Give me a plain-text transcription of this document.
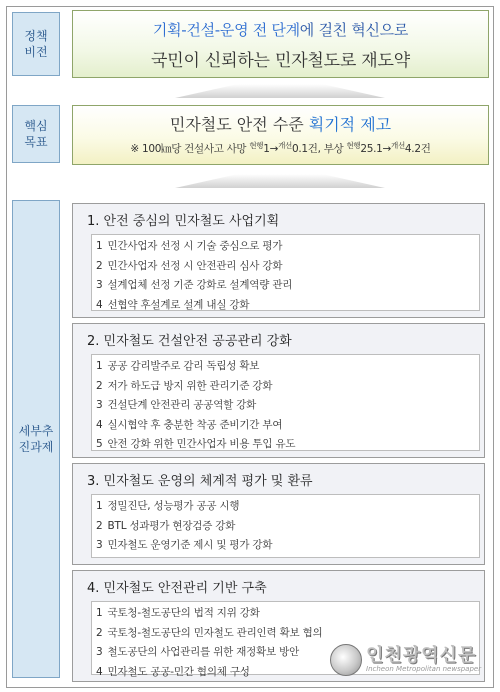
정책
비전
기획-건설-운영 전 단계에 걸친 혁신으로
국민이 신뢰하는 민자철도로 재도약
핵심
목표
민자철도 안전 수준 획기적 제고
※ 100㎞당 건설사고 사망 $^{현행}$1→$^{개선}$0.1건, 부상 $^{현행}$25.1→$^{개선}$4.2건
세부추
진과제
1. 안전 중심의 민자철도 사업기획
1 민간사업자 선정 시 기술 중심으로 평가
2 민간사업자 선정 시 안전관리 심사 강화
3 설계업체 선정 기준 강화로 설계역량 관리
4 선협약 후설계로 설계 내실 강화
2. 민자철도 건설안전 공공관리 강화
1 공공 감리발주로 감리 독립성 확보
2 저가 하도급 방지 위한 관리기준 강화
3 건설단계 안전관리 공공역할 강화
4 실시협약 후 충분한 착공 준비기간 부여
5 안전 강화 위한 민간사업자 비용 투입 유도
3. 민자철도 운영의 체계적 평가 및 환류
1 정밀진단, 성능평가 공공 시행
2 BTL 성과평가 현장검증 강화
3 민자철도 운영기준 제시 및 평가 강화
4. 민자철도 안전관리 기반 구축
1 국토청-철도공단의 법적 지위 강화
2 국토청-철도공단의 민자철도 관리인력 확보 협의
3 철도공단의 사업관리를 위한 재정확보 방안
4 민자철도 공공-민간 협의체 구성
인천광역신문
Incheon Metropolitan newspaper
